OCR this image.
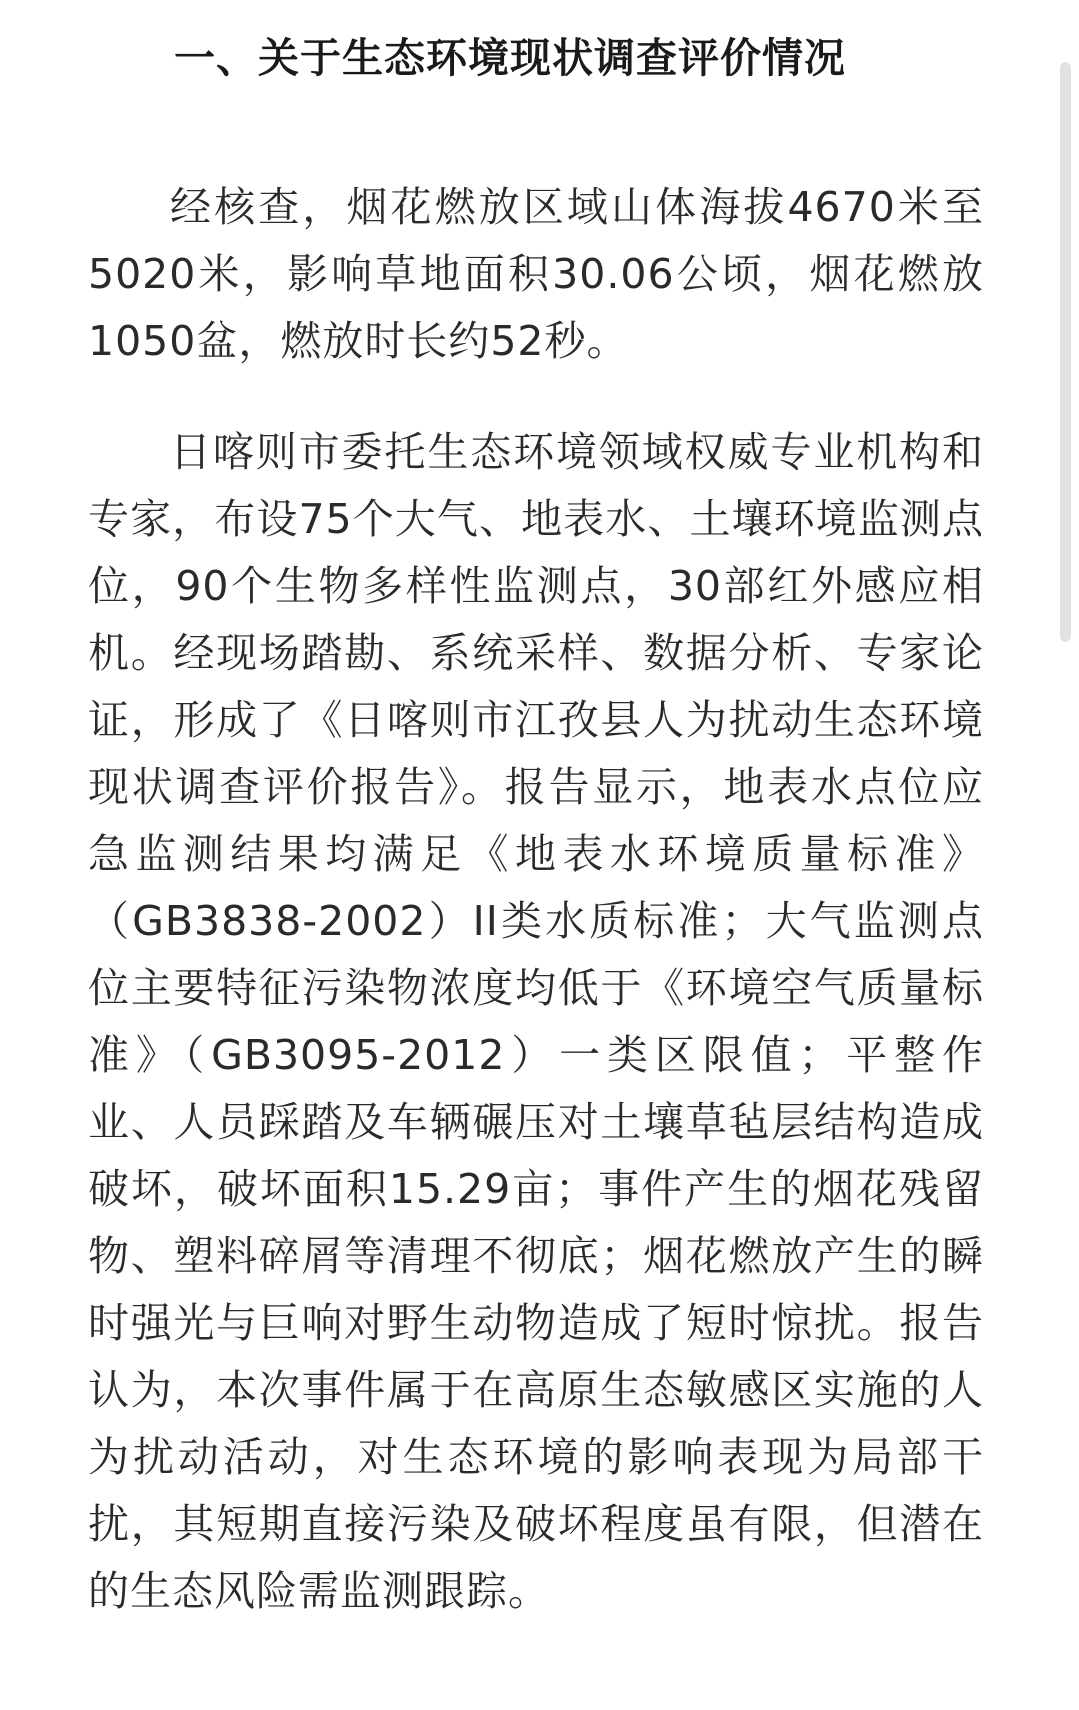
一、关于生态环境现状调查评价情况

经核查，烟花燃放区域山体海拔4670米至5020米，影响草地面积30.06公顷，烟花燃放1050盆，燃放时长约52秒。

日喀则市委托生态环境领域权威专业机构和专家，布设75个大气、地表水、土壤环境监测点位，90个生物多样性监测点，30部红外感应相机。经现场踏勘、系统采样、数据分析、专家论证，形成了《日喀则市江孜县人为扰动生态环境现状调查评价报告》。报告显示，地表水点位应急监测结果均满足《地表水环境质量标准》（GB3838-2002）II类水质标准；大气监测点位主要特征污染物浓度均低于《环境空气质量标准》（GB3095-2012）一类区限值；平整作业、人员踩踏及车辆碾压对土壤草毡层结构造成破坏，破坏面积15.29亩；事件产生的烟花残留物、塑料碎屑等清理不彻底；烟花燃放产生的瞬时强光与巨响对野生动物造成了短时惊扰。报告认为，本次事件属于在高原生态敏感区实施的人为扰动活动，对生态环境的影响表现为局部干扰，其短期直接污染及破坏程度虽有限，但潜在的生态风险需监测跟踪。
